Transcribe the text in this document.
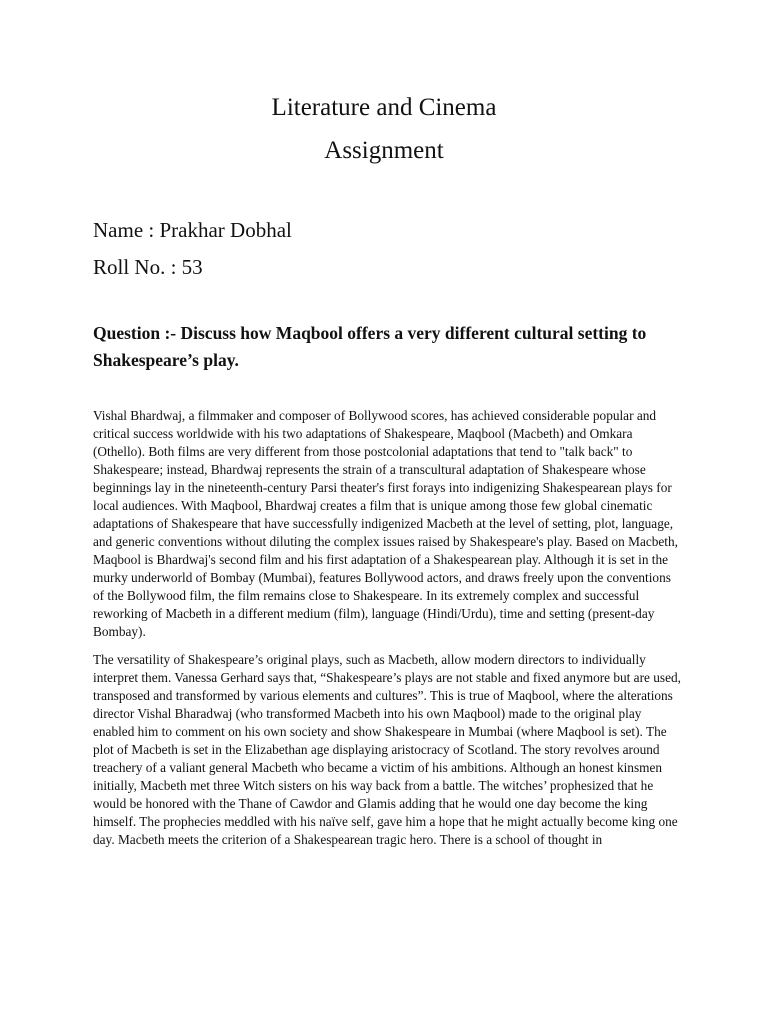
Literature and Cinema
Assignment

Name : Prakhar Dobhal

Roll No. : 53

Question :- Discuss how Maqbool offers a very different cultural setting to Shakespeare’s play.

Vishal Bhardwaj, a filmmaker and composer of Bollywood scores, has achieved considerable popular and critical success worldwide with his two adaptations of Shakespeare, Maqbool (Macbeth) and Omkara (Othello). Both films are very different from those postcolonial adaptations that tend to "talk back" to Shakespeare; instead, Bhardwaj represents the strain of a transcultural adaptation of Shakespeare whose beginnings lay in the nineteenth-century Parsi theater's first forays into indigenizing Shakespearean plays for local audiences. With Maqbool, Bhardwaj creates a film that is unique among those few global cinematic adaptations of Shakespeare that have successfully indigenized Macbeth at the level of setting, plot, language, and generic conventions without diluting the complex issues raised by Shakespeare's play. Based on Macbeth, Maqbool is Bhardwaj's second film and his first adaptation of a Shakespearean play. Although it is set in the murky underworld of Bombay (Mumbai), features Bollywood actors, and draws freely upon the conventions of the Bollywood film, the film remains close to Shakespeare. In its extremely complex and successful reworking of Macbeth in a different medium (film), language (Hindi/Urdu), time and setting (present-day Bombay).

The versatility of Shakespeare’s original plays, such as Macbeth, allow modern directors to individually interpret them. Vanessa Gerhard says that, “Shakespeare’s plays are not stable and fixed anymore but are used, transposed and transformed by various elements and cultures”. This is true of Maqbool, where the alterations director Vishal Bharadwaj (who transformed Macbeth into his own Maqbool) made to the original play enabled him to comment on his own society and show Shakespeare in Mumbai (where Maqbool is set). The plot of Macbeth is set in the Elizabethan age displaying aristocracy of Scotland. The story revolves around treachery of a valiant general Macbeth who became a victim of his ambitions. Although an honest kinsmen initially, Macbeth met three Witch sisters on his way back from a battle. The witches’ prophesized that he would be honored with the Thane of Cawdor and Glamis adding that he would one day become the king himself. The prophecies meddled with his naïve self, gave him a hope that he might actually become king one day. Macbeth meets the criterion of a Shakespearean tragic hero. There is a school of thought in
